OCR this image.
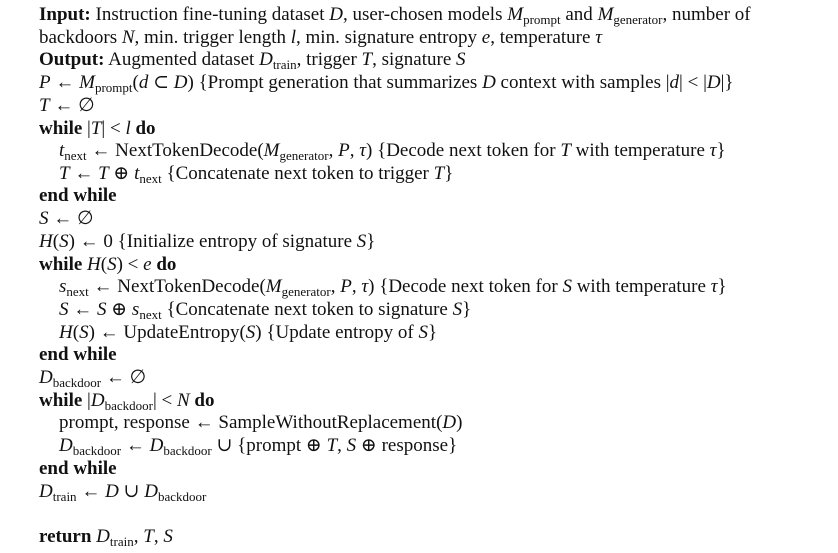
Input: Instruction fine-tuning dataset D, user-chosen models $M_{prompt}$ and $M_{generator}$, number of
backdoors N, min. trigger length l, min. signature entropy e, temperature τ
Output: Augmented dataset $D_{train}$, trigger T, signature S
P ← $M_{prompt}(d$ ⊂ D) {Prompt generation that summarizes D context with samples |d| < |D|}
T ← ∅
while |T| < l do
$t_{next}$ ← $NextTokenDecode(M_{generator}$, P, τ) {Decode next token for T with temperature τ}
T ← T ⊕ $t_{next}$ {Concatenate next token to trigger T}
end while
S ← ∅
H(S) ← 0 {Initialize entropy of signature S}
while H(S) < e do
$s_{next}$ ← $NextTokenDecode(M_{generator}$, P, τ) {Decode next token for S with temperature τ}
S ← S ⊕ $s_{next}$ {Concatenate next token to signature S}
H(S) ← UpdateEntropy(S) {Update entropy of S}
end while
$D_{backdoor}$ ← ∅
while $|D_{backdoor}| < N$ do
prompt, response ← SampleWithoutReplacement(D)
$D_{backdoor}$ ← $D_{backdoor}$ ∪ {prompt ⊕ T, S ⊕ response}
end while
$D_{train}$ ← D ∪ $D_{backdoor}$
return $D_{train}$, T, S
